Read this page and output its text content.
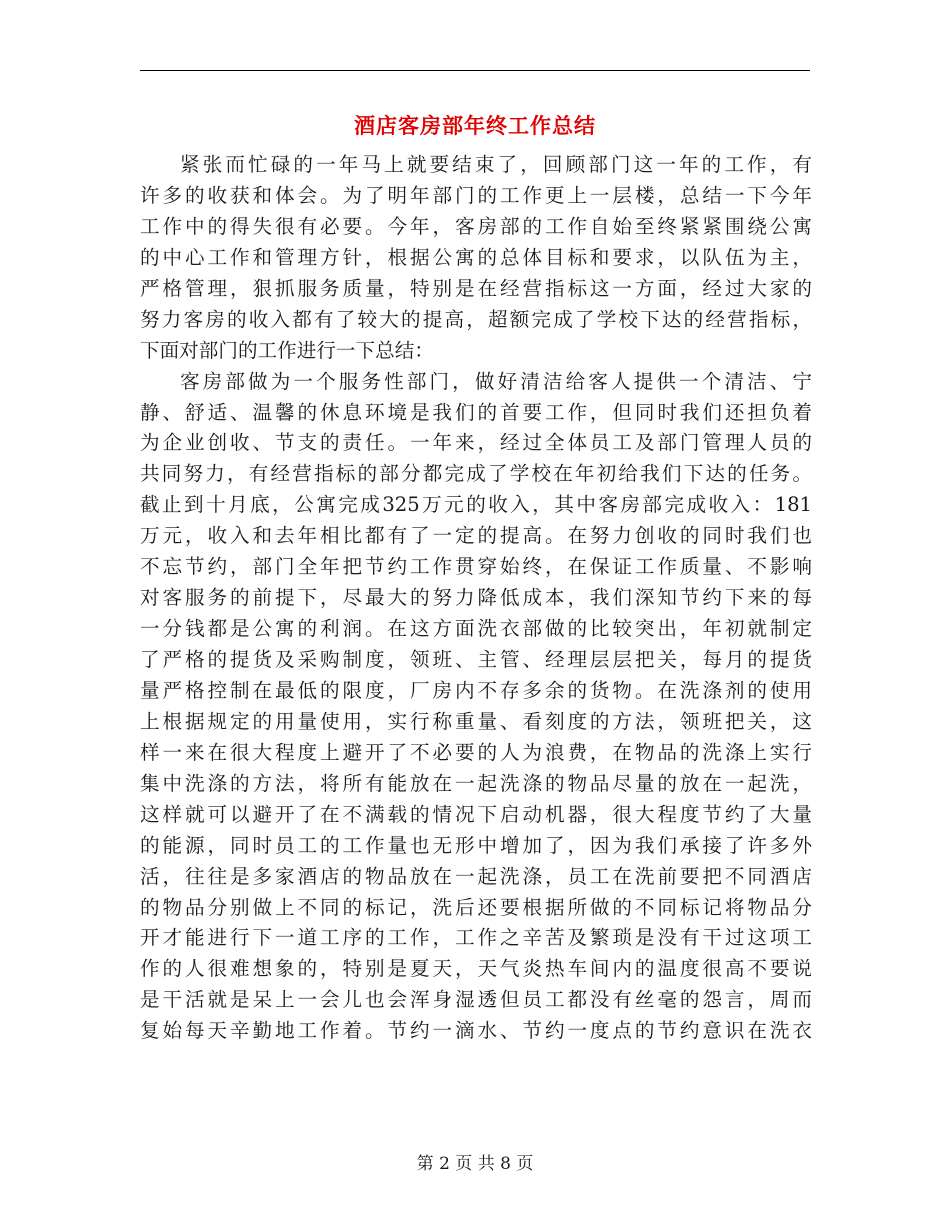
酒店客房部年终工作总结
紧张而忙碌的一年马上就要结束了，回顾部门这一年的工作，有
许多的收获和体会。为了明年部门的工作更上一层楼，总结一下今年
工作中的得失很有必要。今年，客房部的工作自始至终紧紧围绕公寓
的中心工作和管理方针，根据公寓的总体目标和要求，以队伍为主，
严格管理，狠抓服务质量，特别是在经营指标这一方面，经过大家的
努力客房的收入都有了较大的提高，超额完成了学校下达的经营指标，
下面对部门的工作进行一下总结：
客房部做为一个服务性部门，做好清洁给客人提供一个清洁、宁
静、舒适、温馨的休息环境是我们的首要工作，但同时我们还担负着
为企业创收、节支的责任。一年来，经过全体员工及部门管理人员的
共同努力，有经营指标的部分都完成了学校在年初给我们下达的任务。
截止到十月底，公寓完成325万元的收入，其中客房部完成收入：181
万元，收入和去年相比都有了一定的提高。在努力创收的同时我们也
不忘节约，部门全年把节约工作贯穿始终，在保证工作质量、不影响
对客服务的前提下，尽最大的努力降低成本，我们深知节约下来的每
一分钱都是公寓的利润。在这方面洗衣部做的比较突出，年初就制定
了严格的提货及采购制度，领班、主管、经理层层把关，每月的提货
量严格控制在最低的限度，厂房内不存多余的货物。在洗涤剂的使用
上根据规定的用量使用，实行称重量、看刻度的方法，领班把关，这
样一来在很大程度上避开了不必要的人为浪费，在物品的洗涤上实行
集中洗涤的方法，将所有能放在一起洗涤的物品尽量的放在一起洗，
这样就可以避开了在不满载的情况下启动机器，很大程度节约了大量
的能源，同时员工的工作量也无形中增加了，因为我们承接了许多外
活，往往是多家酒店的物品放在一起洗涤，员工在洗前要把不同酒店
的物品分别做上不同的标记，洗后还要根据所做的不同标记将物品分
开才能进行下一道工序的工作，工作之辛苦及繁琐是没有干过这项工
作的人很难想象的，特别是夏天，天气炎热车间内的温度很高不要说
是干活就是呆上一会儿也会浑身湿透但员工都没有丝毫的怨言，周而
复始每天辛勤地工作着。节约一滴水、节约一度点的节约意识在洗衣
第 2 页 共 8 页
